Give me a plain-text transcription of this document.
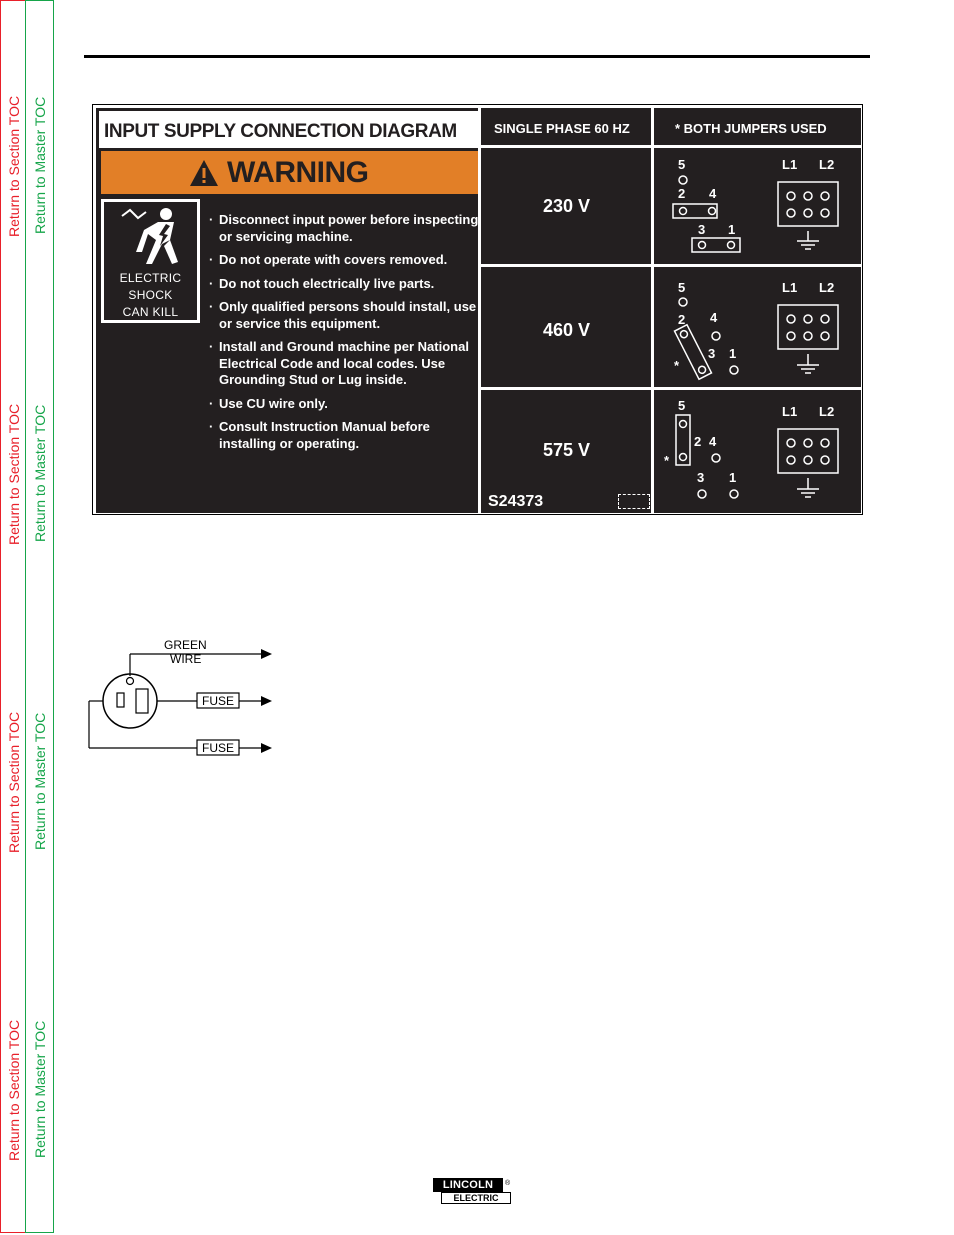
Return to Section TOC Return to Master TOC
Return to Section TOC Return to Master TOC
Return to Section TOC Return to Master TOC
Return to Section TOC Return to Master TOC
INPUT SUPPLY CONNECTION DIAGRAM
WARNING
ELECTRIC
SHOCK
CAN KILL
· Disconnect input power before inspecting or servicing machine.
· Do not operate with covers removed.
· Do not touch electrically live parts.
· Only qualified persons should install, use or service this equipment.
· Install and Ground machine per National Electrical Code and local codes. Use Grounding Stud or Lug inside.
· Use CU wire only.
· Consult Instruction Manual before installing or operating.
SINGLE PHASE 60 HZ	* BOTH JUMPERS USED
230 V
460 V
575 V
5
2 4
3 1
L1 L2
5
2 4
3 1
*
L1 L2
5
2 4
*
3 1
L1 L2
S24373
GREEN
WIRE
FUSE
FUSE
LINCOLN	®
ELECTRIC
